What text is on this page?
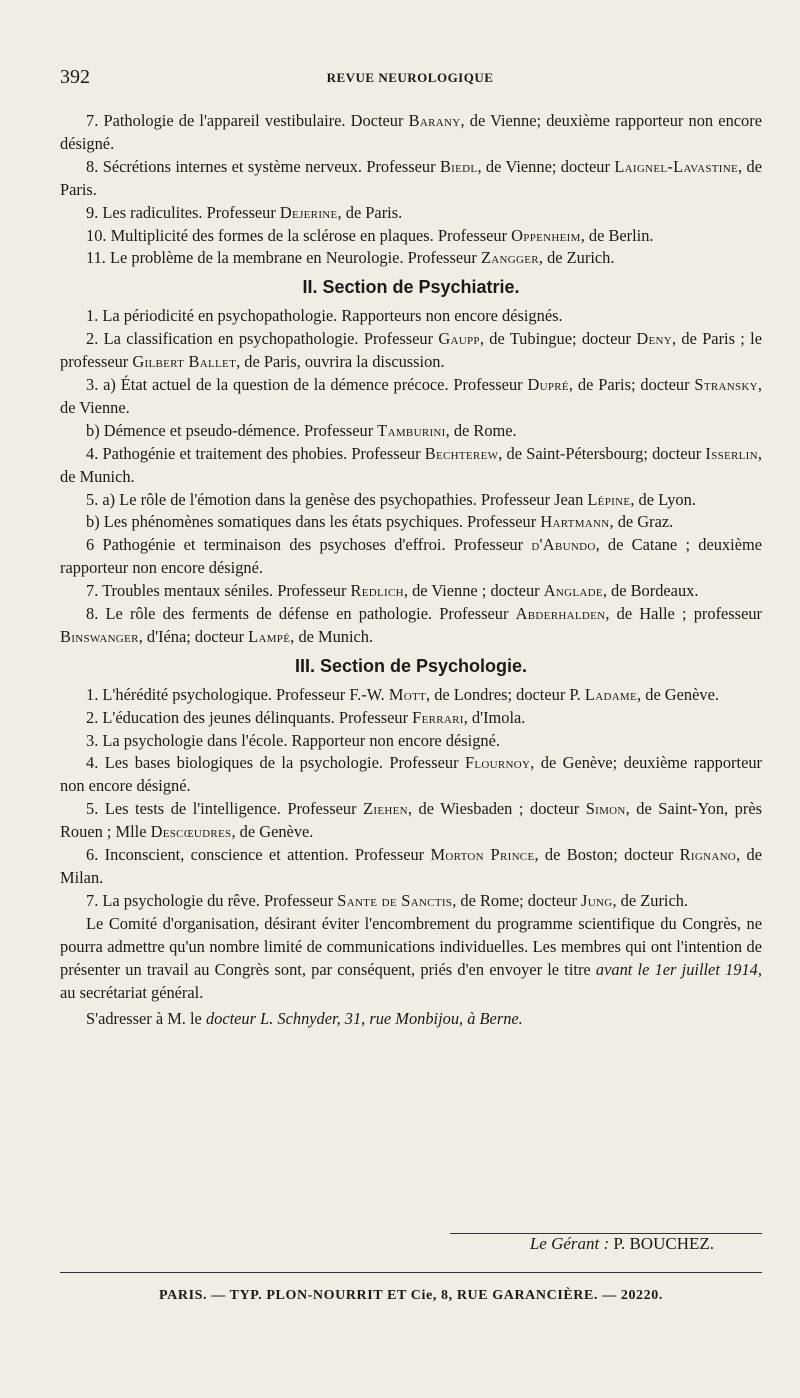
392	REVUE NEUROLOGIQUE

7. Pathologie de l'appareil vestibulaire. Docteur Barany, de Vienne; deuxième rapporteur non encore désigné.

8. Sécrétions internes et système nerveux. Professeur Biedl, de Vienne; docteur Laignel-Lavastine, de Paris.

9. Les radiculites. Professeur Dejerine, de Paris.

10. Multiplicité des formes de la sclérose en plaques. Professeur Oppenheim, de Berlin.

11. Le problème de la membrane en Neurologie. Professeur Zangger, de Zurich.

II. Section de Psychiatrie.

1. La périodicité en psychopathologie. Rapporteurs non encore désignés.

2. La classification en psychopathologie. Professeur Gaupp, de Tubingue; docteur Deny, de Paris ; le professeur Gilbert Ballet, de Paris, ouvrira la discussion.

3. a) État actuel de la question de la démence précoce. Professeur Dupré, de Paris; docteur Stransky, de Vienne.

b) Démence et pseudo-démence. Professeur Tamburini, de Rome.

4. Pathogénie et traitement des phobies. Professeur Bechterew, de Saint-Pétersbourg; docteur Isserlin, de Munich.

5. a) Le rôle de l'émotion dans la genèse des psychopathies. Professeur Jean Lépine, de Lyon.

b) Les phénomènes somatiques dans les états psychiques. Professeur Hartmann, de Graz.

6 Pathogénie et terminaison des psychoses d'effroi. Professeur d'Abundo, de Catane ; deuxième rapporteur non encore désigné.

7. Troubles mentaux séniles. Professeur Redlich, de Vienne ; docteur Anglade, de Bordeaux.

8. Le rôle des ferments de défense en pathologie. Professeur Abderhalden, de Halle ; professeur Binswanger, d'Iéna; docteur Lampé, de Munich.

III. Section de Psychologie.

1. L'hérédité psychologique. Professeur F.-W. Mott, de Londres; docteur P. Ladame, de Genève.

2. L'éducation des jeunes délinquants. Professeur Ferrari, d'Imola.

3. La psychologie dans l'école. Rapporteur non encore désigné.

4. Les bases biologiques de la psychologie. Professeur Flournoy, de Genève; deuxième rapporteur non encore désigné.

5. Les tests de l'intelligence. Professeur Ziehen, de Wiesbaden ; docteur Simon, de Saint-Yon, près Rouen ; Mlle Descœudres, de Genève.

6. Inconscient, conscience et attention. Professeur Morton Prince, de Boston; docteur Rignano, de Milan.

7. La psychologie du rêve. Professeur Sante de Sanctis, de Rome; docteur Jung, de Zurich.

Le Comité d'organisation, désirant éviter l'encombrement du programme scientifique du Congrès, ne pourra admettre qu'un nombre limité de communications individuelles. Les membres qui ont l'intention de présenter un travail au Congrès sont, par conséquent, priés d'en envoyer le titre avant le 1er juillet 1914, au secrétariat général.

S'adresser à M. le docteur L. Schnyder, 31, rue Monbijou, à Berne.

Le Gérant : P. BOUCHEZ.
PARIS. — TYP. PLON-NOURRIT ET Cie, 8, RUE GARANCIÈRE. — 20220.
